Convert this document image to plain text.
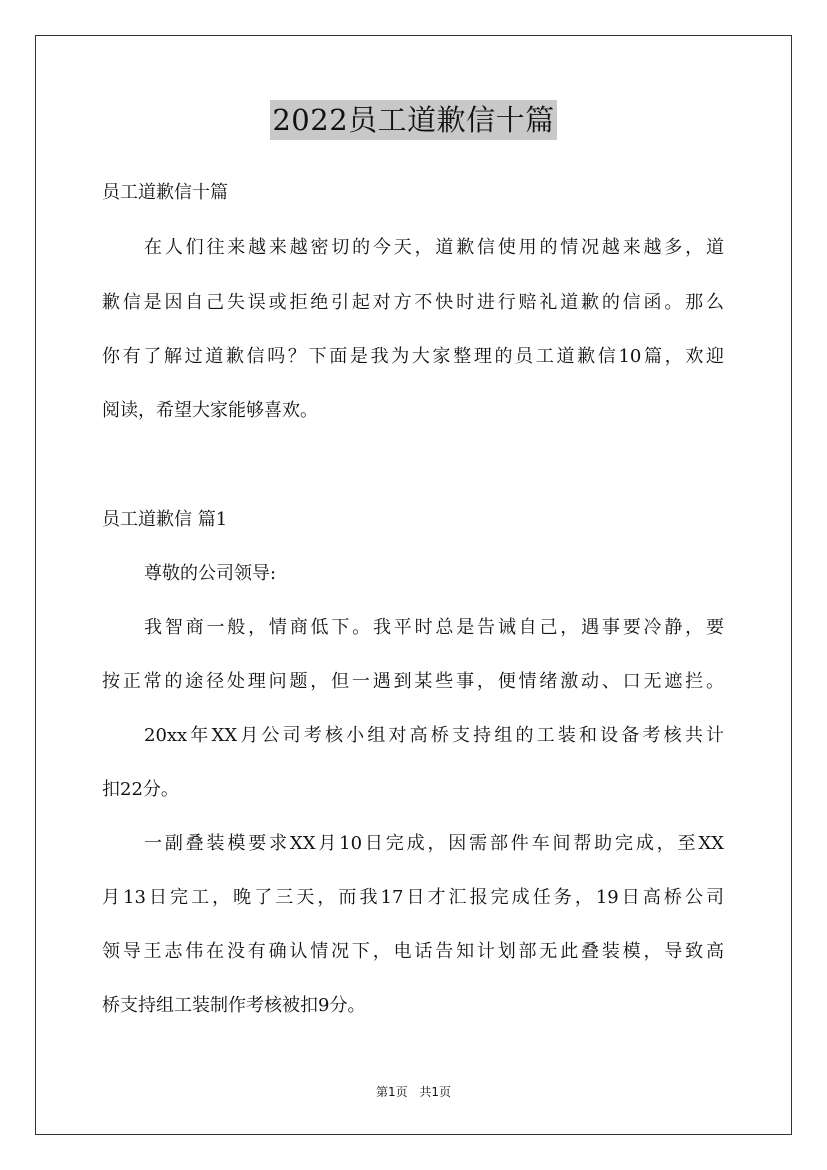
2022员工道歉信十篇
员工道歉信十篇
在人们往来越来越密切的今天，道歉信使用的情况越来越多，道
歉信是因自己失误或拒绝引起对方不快时进行赔礼道歉的信函。那么
你有了解过道歉信吗？下面是我为大家整理的员工道歉信10篇，欢迎
阅读，希望大家能够喜欢。
员工道歉信 篇1
尊敬的公司领导:
我智商一般，情商低下。我平时总是告诫自己，遇事要冷静，要
按正常的途径处理问题，但一遇到某些事，便情绪激动、口无遮拦。
20xx年XX月公司考核小组对高桥支持组的工装和设备考核共计
扣22分。
一副叠装模要求XX月10日完成，因需部件车间帮助完成，至XX
月13日完工，晚了三天，而我17日才汇报完成任务，19日高桥公司
领导王志伟在没有确认情况下，电话告知计划部无此叠装模，导致高
桥支持组工装制作考核被扣9分。
第1页 共1页
